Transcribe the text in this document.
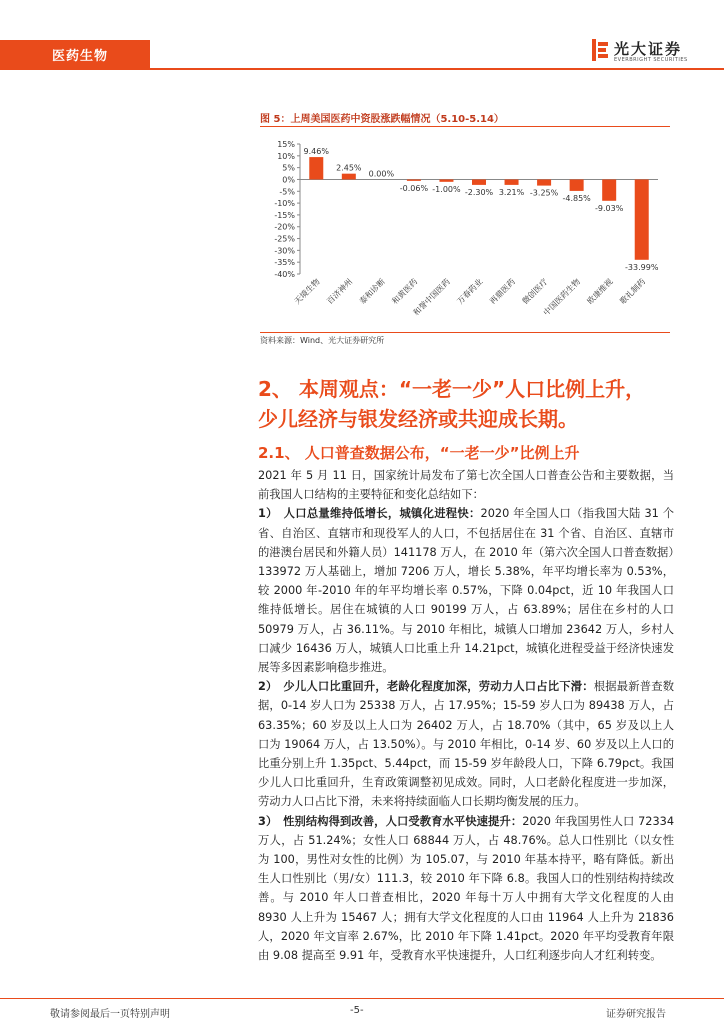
医药生物	光大证券
EVERBRIGHT SECURITIES
图 5：上周美国医药中资股涨跌幅情况（5.10-5.14）
15%
10%
5%
0%
-5%
-10%
-15%
-20%
-25%
-30%
-35%
-40%
9.46%
天境生物
2.45%
百济神州
0.00%
泰和诊断
-0.06%
和黄医药
-1.00%
和誉中国医药
-2.30%
万春药业
3.21%
再鼎医药
-3.25%
微创医疗
-4.85%
中国医药生物
-9.03%
欧康维视
-33.99%
歌礼制药
资料来源：Wind、光大证券研究所
2、 本周观点：“一老一少”人口比例上升，
少儿经济与银发经济或共迎成长期。
2.1、 人口普查数据公布，“一老一少”比例上升

2021 年 5 月 11 日，国家统计局发布了第七次全国人口普查公告和主要数据，当前我国人口结构的主要特征和变化总结如下：

1）　人口总量维持低增长，城镇化进程快：2020 年全国人口（指我国大陆 31 个省、自治区、直辖市和现役军人的人口，不包括居住在 31 个省、自治区、直辖市的港澳台居民和外籍人员）141178 万人，在 2010 年（第六次全国人口普查数据）133972 万人基础上，增加 7206 万人，增长 5.38%，年平均增长率为 0.53%，较 2000 年-2010 年的年平均增长率 0.57%，下降 0.04pct，近 10 年我国人口维持低增长。居住在城镇的人口 90199 万人，占 63.89%；居住在乡村的人口 50979 万人，占 36.11%。与 2010 年相比，城镇人口增加 23642 万人，乡村人口减少 16436 万人，城镇人口比重上升 14.21pct，城镇化进程受益于经济快速发展等多因素影响稳步推进。

2）　少儿人口比重回升，老龄化程度加深，劳动力人口占比下滑：根据最新普查数据，0-14 岁人口为 25338 万人，占 17.95%；15-59 岁人口为 89438 万人，占 63.35%；60 岁及以上人口为 26402 万人，占 18.70%（其中，65 岁及以上人口为 19064 万人，占 13.50%）。与 2010 年相比，0-14 岁、60 岁及以上人口的比重分别上升 1.35pct、5.44pct，而 15-59 岁年龄段人口，下降 6.79pct。我国少儿人口比重回升，生育政策调整初见成效。同时，人口老龄化程度进一步加深，劳动力人口占比下滑，未来将持续面临人口长期均衡发展的压力。

3）　性别结构得到改善，人口受教育水平快速提升：2020 年我国男性人口 72334 万人，占 51.24%；女性人口 68844 万人，占 48.76%。总人口性别比（以女性为 100，男性对女性的比例）为 105.07，与 2010 年基本持平，略有降低。新出生人口性别比（男/女）111.3，较 2010 年下降 6.8。我国人口的性别结构持续改善。与 2010 年人口普查相比，2020 年每十万人中拥有大学文化程度的人由 8930 人上升为 15467 人；拥有大学文化程度的人口由 11964 人上升为 21836 人，2020 年文盲率 2.67%，比 2010 年下降 1.41pct。2020 年平均受教育年限由 9.08 提高至 9.91 年，受教育水平快速提升，人口红利逐步向人才红利转变。

敬请参阅最后一页特别声明	-5-	证券研究报告
